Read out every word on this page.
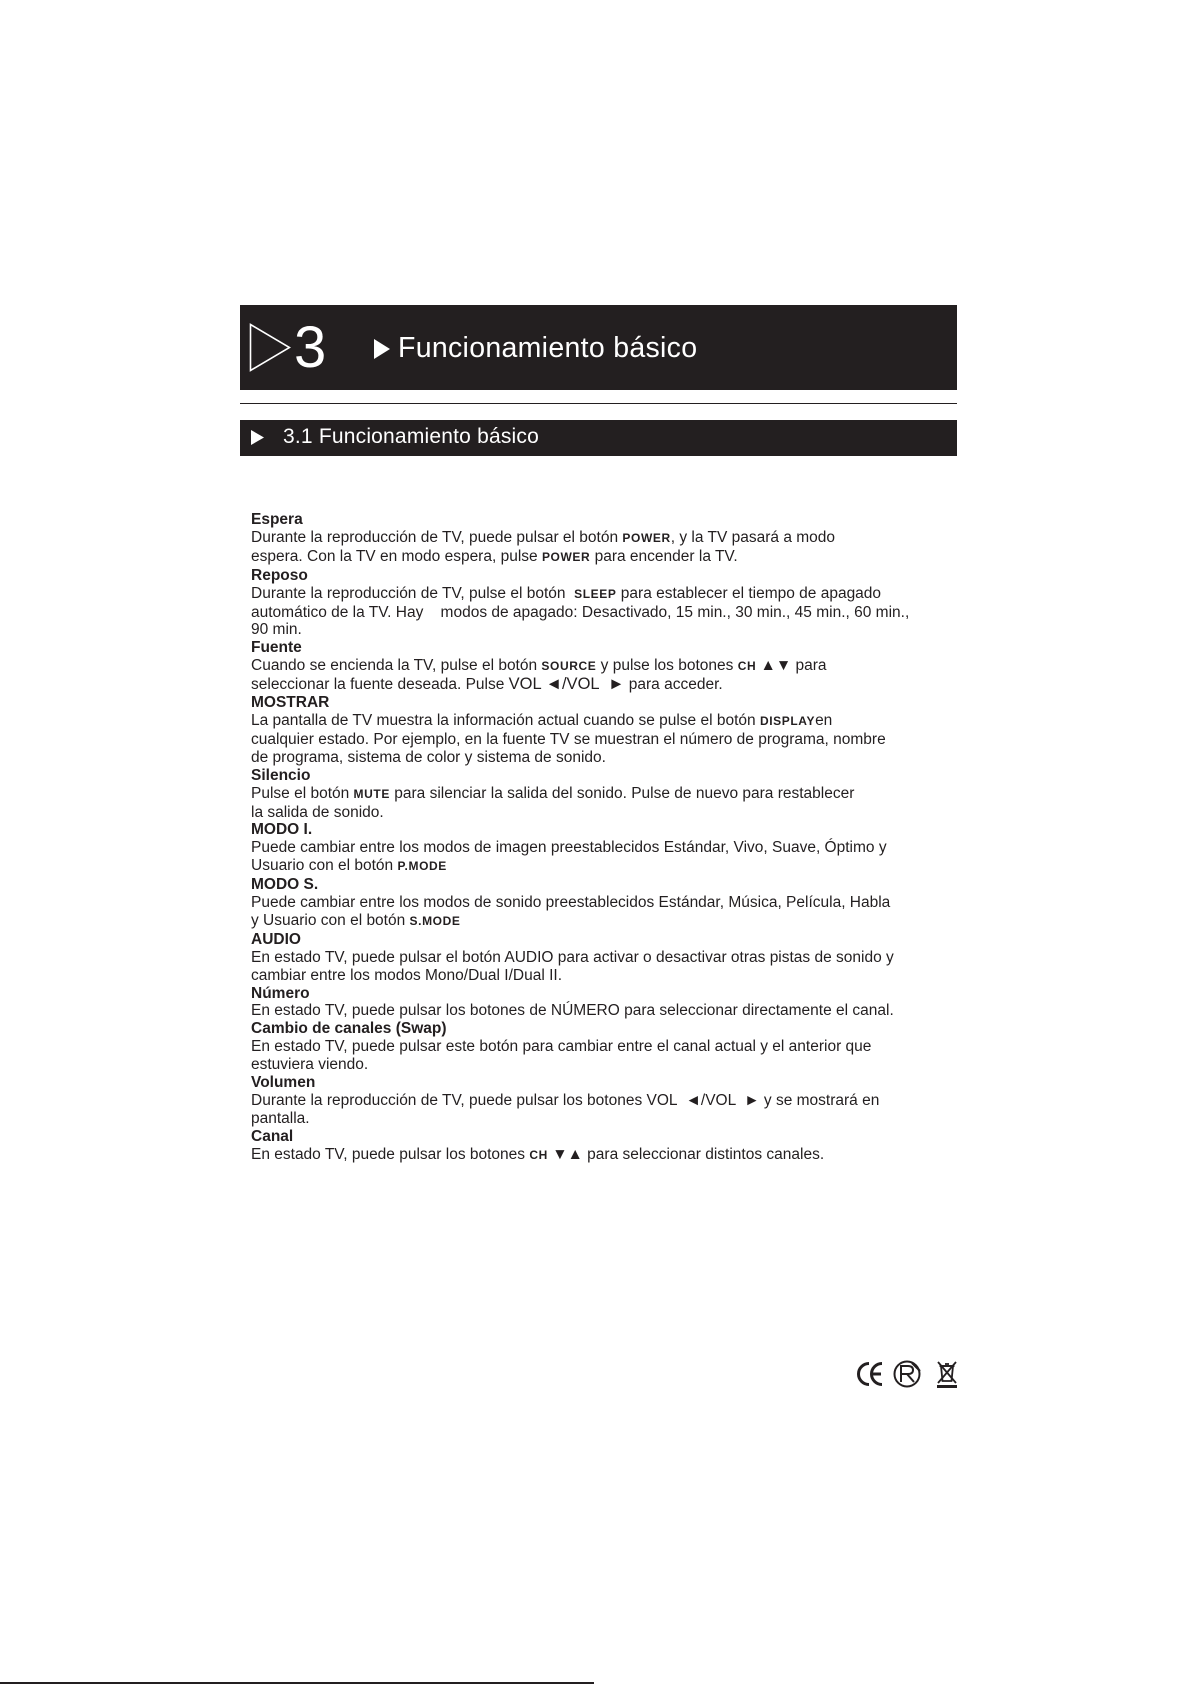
3	Funcionamiento básico
3.1 Funcionamiento básico
Espera
Durante la reproducción de TV, puede pulsar el botón POWER, y la TV pasará a modo
espera. Con la TV en modo espera, pulse POWER para encender la TV.
Reposo
Durante la reproducción de TV, pulse el botón  SLEEP para establecer el tiempo de apagado
automático de la TV. Hay    modos de apagado: Desactivado, 15 min., 30 min., 45 min., 60 min.,
90 min.
Fuente
Cuando se encienda la TV, pulse el botón SOURCE y pulse los botones CH ▲▼ para
seleccionar la fuente deseada. Pulse VOL ◄/VOL  ► para acceder.
MOSTRAR
La pantalla de TV muestra la información actual cuando se pulse el botón DISPLAYen
cualquier estado. Por ejemplo, en la fuente TV se muestran el número de programa, nombre
de programa, sistema de color y sistema de sonido.
Silencio
Pulse el botón MUTE para silenciar la salida del sonido. Pulse de nuevo para restablecer
la salida de sonido.
MODO I.
Puede cambiar entre los modos de imagen preestablecidos Estándar, Vivo, Suave, Óptimo y
Usuario con el botón P.MODE
MODO S.
Puede cambiar entre los modos de sonido preestablecidos Estándar, Música, Película, Habla
y Usuario con el botón S.MODE
AUDIO
En estado TV, puede pulsar el botón AUDIO para activar o desactivar otras pistas de sonido y
cambiar entre los modos Mono/Dual I/Dual II.
Número
En estado TV, puede pulsar los botones de NÚMERO para seleccionar directamente el canal.
Cambio de canales (Swap)
En estado TV, puede pulsar este botón para cambiar entre el canal actual y el anterior que
estuviera viendo.
Volumen
Durante la reproducción de TV, puede pulsar los botones VOL  ◄/VOL  ► y se mostrará en
pantalla.
Canal
En estado TV, puede pulsar los botones CH ▼▲ para seleccionar distintos canales.
